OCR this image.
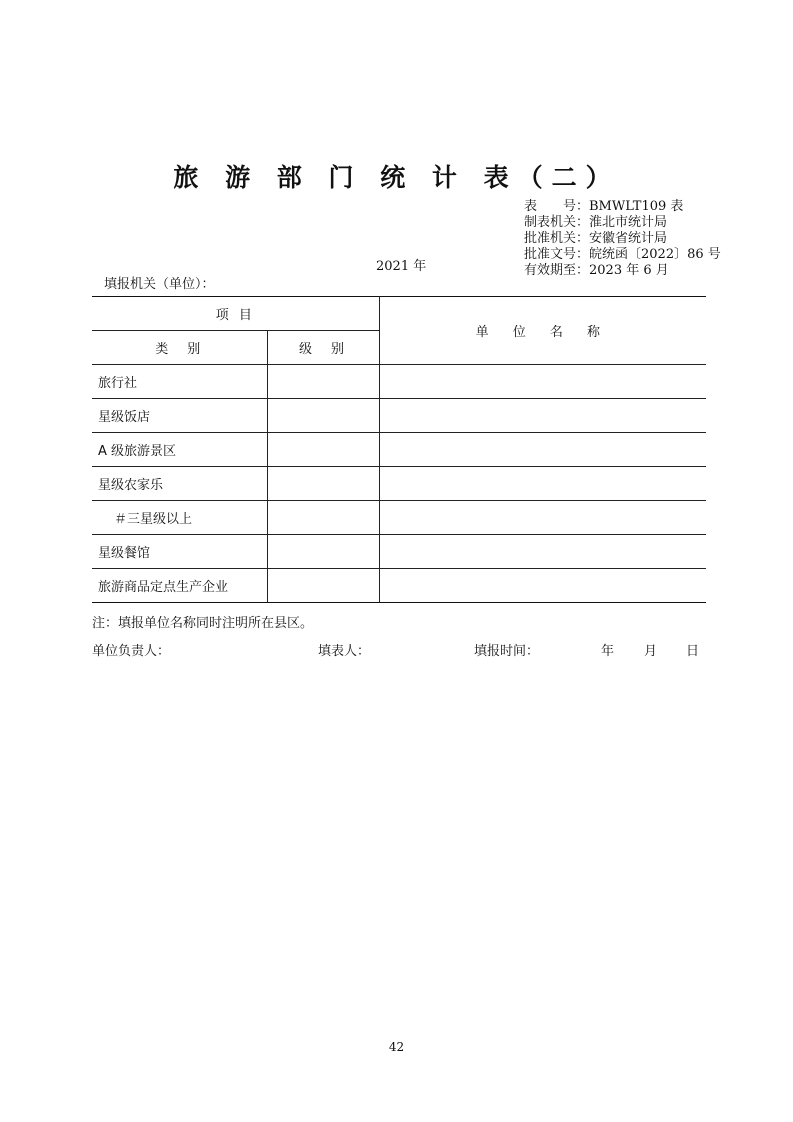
旅 游 部 门 统 计 表（二）
表　　号：BMWLT109 表
制表机关：淮北市统计局
批准机关：安徽省统计局
批准文号：皖统函〔2022〕86 号
有效期至：2023 年 6 月
2021 年
填报机关（单位）：
项 目		单 位 名 称
类　别	级　别	
旅行社		
星级饭店		
A 级旅游景区		
星级农家乐		
＃三星级以上		
星级餐馆		
旅游商品定点生产企业		
注：填报单位名称同时注明所在县区。
单位负责人：	填表人：	填报时间：	年 月 日
42
